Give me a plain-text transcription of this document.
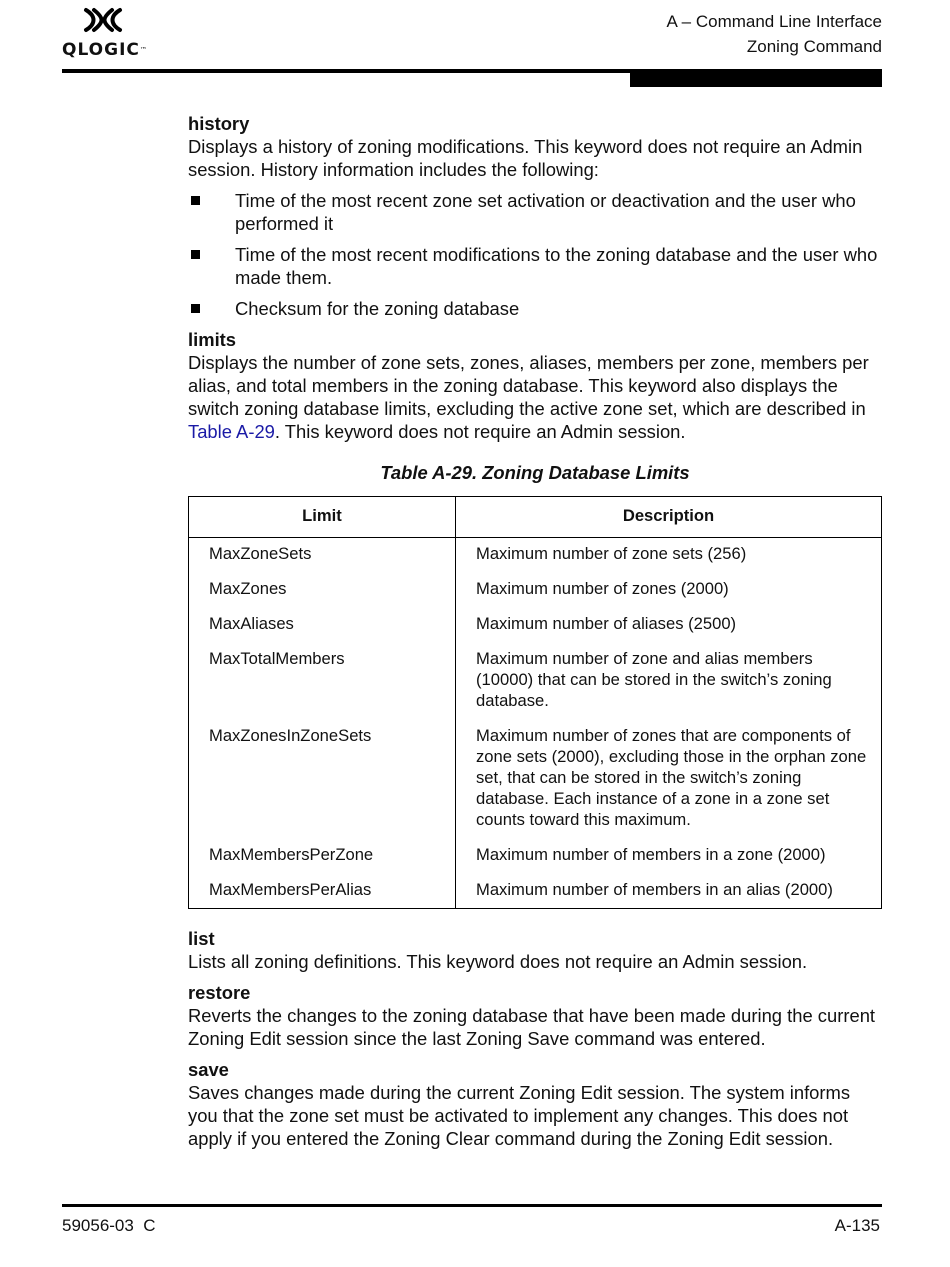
QLOGIC™
A – Command Line Interface
Zoning Command

history

Displays a history of zoning modifications. This keyword does not require an Admin session. History information includes the following:

Time of the most recent zone set activation or deactivation and the user who performed it
Time of the most recent modifications to the zoning database and the user who made them.
Checksum for the zoning database

limits

Displays the number of zone sets, zones, aliases, members per zone, members per alias, and total members in the zoning database. This keyword also displays the switch zoning database limits, excluding the active zone set, which are described in Table A-29. This keyword does not require an Admin session.

Table A-29. Zoning Database Limits
Limit	Description
MaxZoneSets	Maximum number of zone sets (256)
MaxZones	Maximum number of zones (2000)
MaxAliases	Maximum number of aliases (2500)
MaxTotalMembers	Maximum number of zone and alias members (10000) that can be stored in the switch’s zoning database.
MaxZonesInZoneSets	Maximum number of zones that are components of zone sets (2000), excluding those in the orphan zone set, that can be stored in the switch’s zoning database. Each instance of a zone in a zone set counts toward this maximum.
MaxMembersPerZone	Maximum number of members in a zone (2000)
MaxMembersPerAlias	Maximum number of members in an alias (2000)

list

Lists all zoning definitions. This keyword does not require an Admin session.

restore

Reverts the changes to the zoning database that have been made during the current Zoning Edit session since the last Zoning Save command was entered.

save

Saves changes made during the current Zoning Edit session. The system informs you that the zone set must be activated to implement any changes. This does not apply if you entered the Zoning Clear command during the Zoning Edit session.

59056-03  C	A-135
